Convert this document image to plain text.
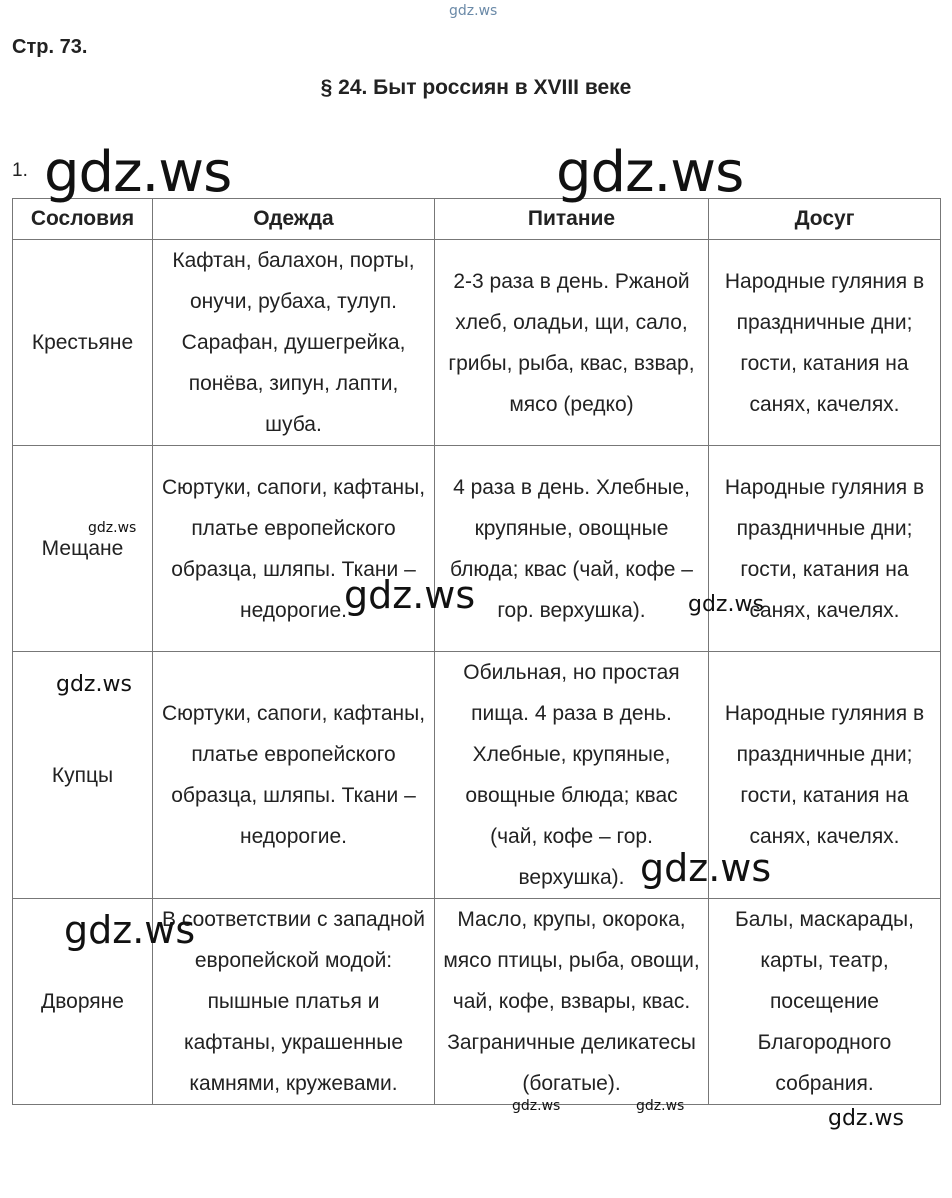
gdz.ws
Стр. 73.
§ 24. Быт россиян в XVIII веке
1.
Сословия	Одежда	Питание	Досуг
Крестьяне	Кафтан, балахон, порты, онучи, рубаха, тулуп. Сарафан, душегрейка, понёва, зипун, лапти, шуба.	2-3 раза в день. Ржаной хлеб, оладьи, щи, сало, грибы, рыба, квас, взвар, мясо (редко)	Народные гуляния в праздничные дни; гости, катания на санях, качелях.
Мещане	Сюртуки, сапоги, кафтаны, платье европейского образца, шляпы. Ткани – недорогие.	4 раза в день. Хлебные, крупяные, овощные блюда; квас (чай, кофе – гор. верхушка).	Народные гуляния в праздничные дни; гости, катания на санях, качелях.
Купцы	Сюртуки, сапоги, кафтаны, платье европейского образца, шляпы. Ткани – недорогие.	Обильная, но простая пища. 4 раза в день. Хлебные, крупяные, овощные блюда; квас (чай, кофе – гор. верхушка).	Народные гуляния в праздничные дни; гости, катания на санях, качелях.
Дворяне	В соответствии с западной европейской модой: пышные платья и кафтаны, украшенные камнями, кружевами.	Масло, крупы, окорока, мясо птицы, рыба, овощи, чай, кофе, взвары, квас. Заграничные деликатесы (богатые).	Балы, маскарады, карты, театр, посещение Благородного собрания.
gdz.ws	gdz.ws
gdz.ws
gdz.ws	gdz.ws
gdz.ws
gdz.ws
gdz.ws
gdz.ws	gdz.ws	gdz.ws
